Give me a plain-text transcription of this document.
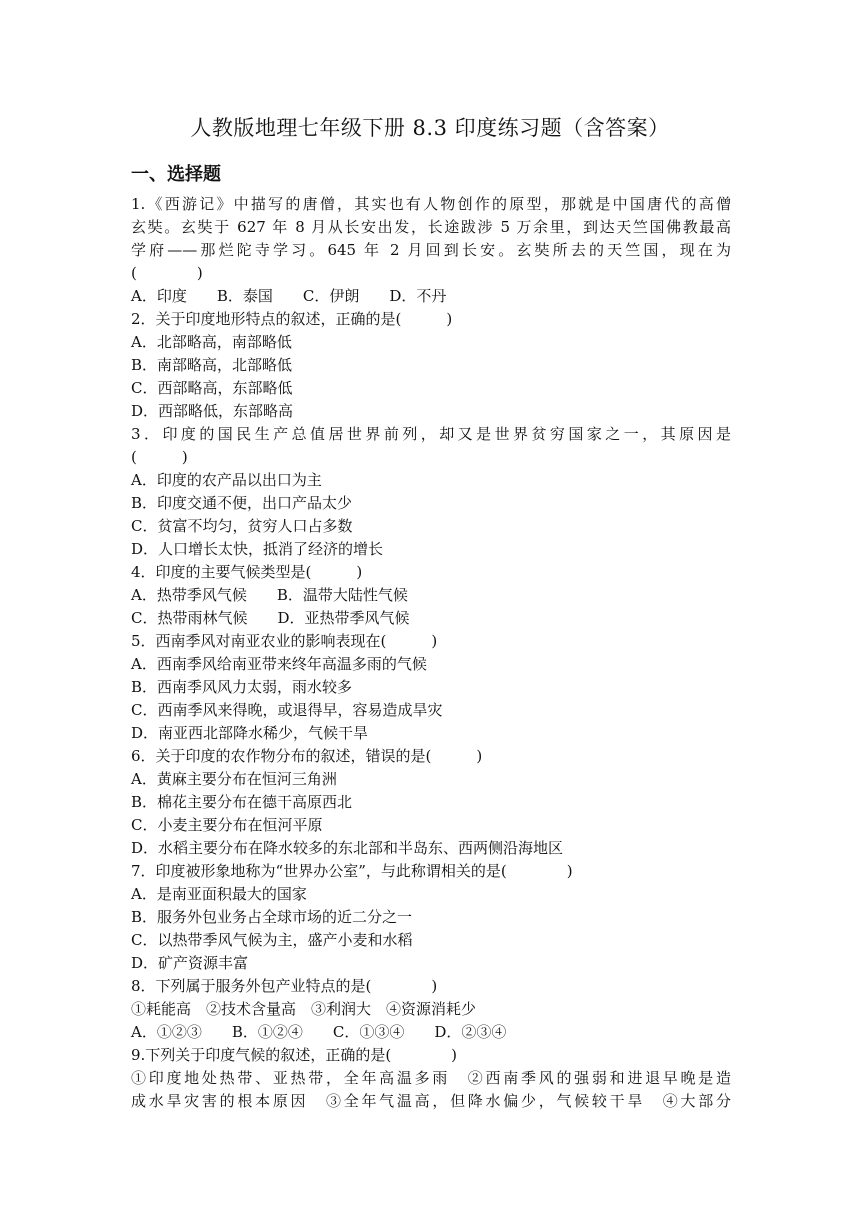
人教版地理七年级下册 8.3 印度练习题（含答案）
一、选择题
1.《西游记》中描写的唐僧，其实也有人物创作的原型，那就是中国唐代的高僧
玄奘。玄奘于 627 年 8 月从长安出发，长途跋涉 5 万余里，到达天竺国佛教最高
学府——那烂陀寺学习。645 年 2 月回到长安。玄奘所去的天竺国，现在为
(　　　　)
A．印度　　B．泰国　　C．伊朗　　D．不丹
2．关于印度地形特点的叙述，正确的是(　　　)
A．北部略高，南部略低
B．南部略高，北部略低
C．西部略高，东部略低
D．西部略低，东部略高
3．印度的国民生产总值居世界前列，却又是世界贫穷国家之一，其原因是
(　　　)
A．印度的农产品以出口为主
B．印度交通不便，出口产品太少
C．贫富不均匀，贫穷人口占多数
D．人口增长太快，抵消了经济的增长
4．印度的主要气候类型是(　　　)
A．热带季风气候　　B．温带大陆性气候
C．热带雨林气候　　D．亚热带季风气候
5．西南季风对南亚农业的影响表现在(　　　)
A．西南季风给南亚带来终年高温多雨的气候
B．西南季风风力太弱，雨水较多
C．西南季风来得晚，或退得早，容易造成旱灾
D．南亚西北部降水稀少，气候干旱
6．关于印度的农作物分布的叙述，错误的是(　　　)
A．黄麻主要分布在恒河三角洲
B．棉花主要分布在德干高原西北
C．小麦主要分布在恒河平原
D．水稻主要分布在降水较多的东北部和半岛东、西两侧沿海地区
7．印度被形象地称为“世界办公室”，与此称谓相关的是(　　　　)
A．是南亚面积最大的国家
B．服务外包业务占全球市场的近二分之一
C．以热带季风气候为主，盛产小麦和水稻
D．矿产资源丰富
8．下列属于服务外包产业特点的是(　　　　)
①耗能高　②技术含量高　③利润大　④资源消耗少
A．①②③　　B．①②④　　C．①③④　　D．②③④
9.下列关于印度气候的叙述，正确的是(　　　　)
①印度地处热带、亚热带，全年高温多雨　②西南季风的强弱和进退早晚是造
成水旱灾害的根本原因　③全年气温高，但降水偏少，气候较干旱　④大部分
